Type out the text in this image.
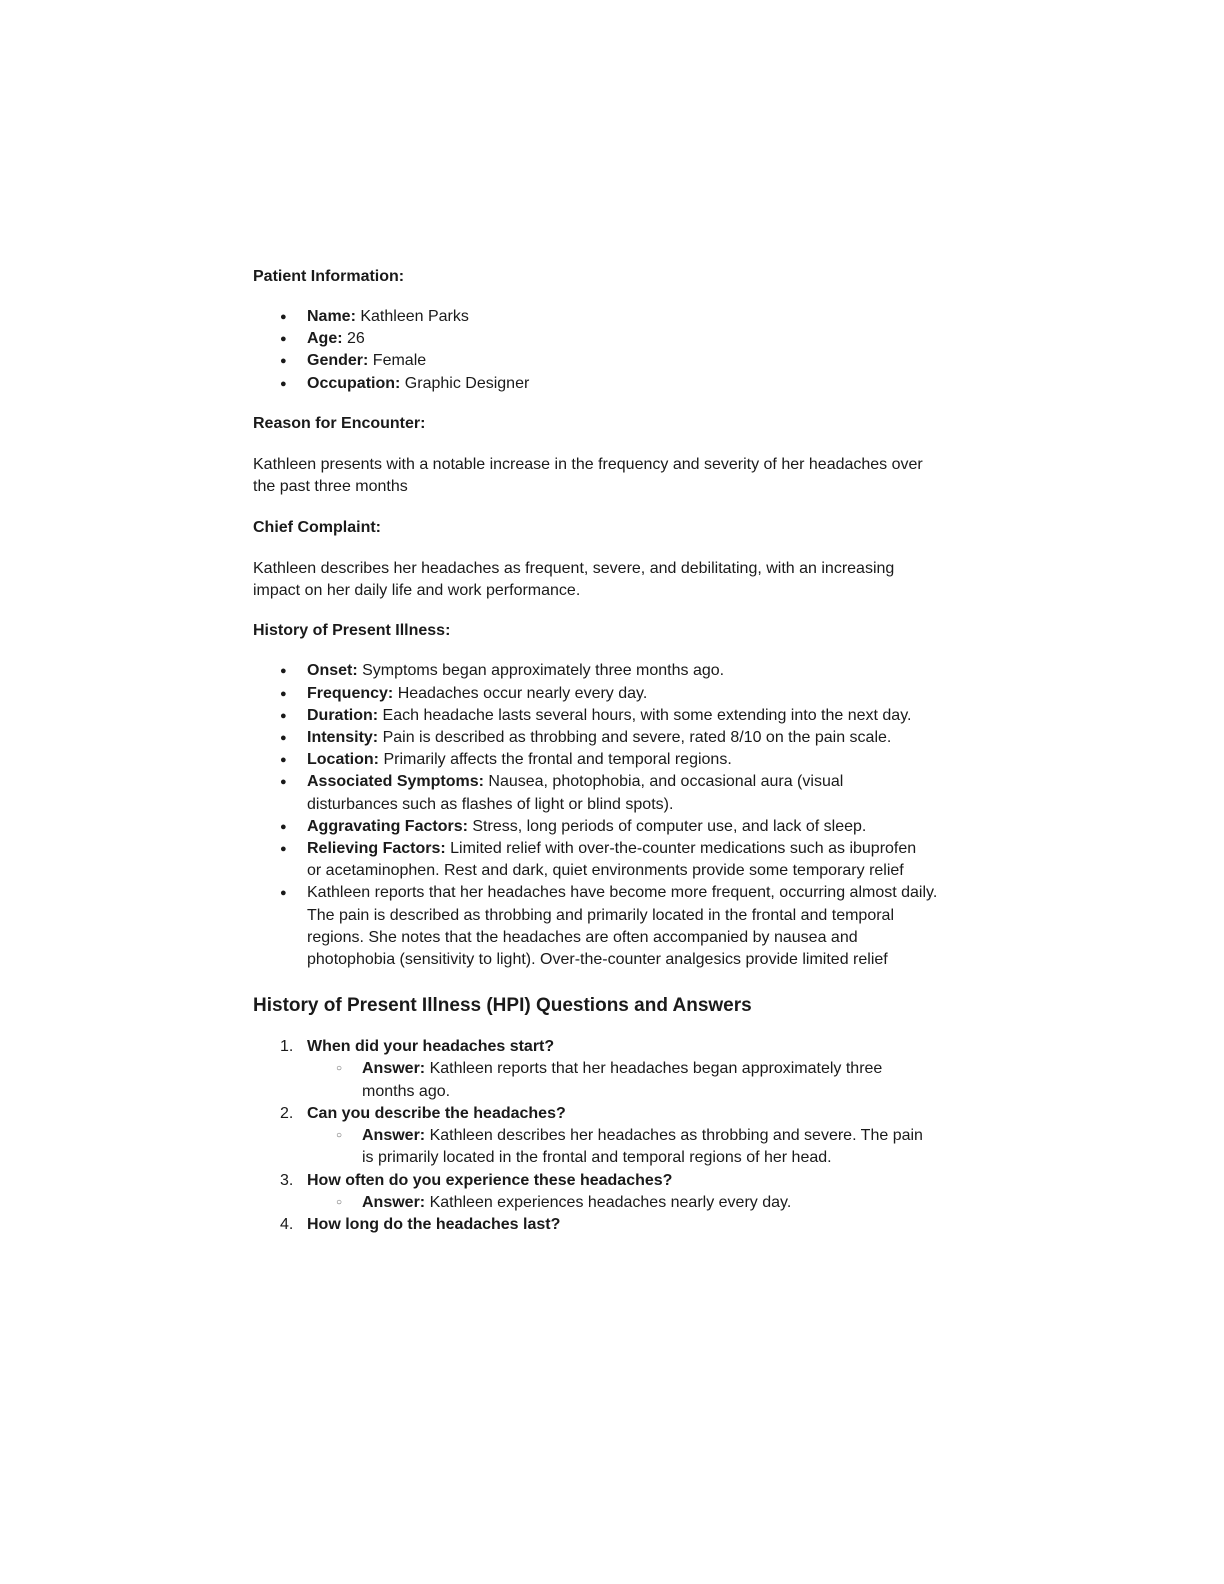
Patient Information:

● Name: Kathleen Parks
● Age: 26
● Gender: Female
● Occupation: Graphic Designer

Reason for Encounter:

Kathleen presents with a notable increase in the frequency and severity of her headaches over the past three months

Chief Complaint:

Kathleen describes her headaches as frequent, severe, and debilitating, with an increasing impact on her daily life and work performance.

History of Present Illness:

● Onset: Symptoms began approximately three months ago.
● Frequency: Headaches occur nearly every day.
● Duration: Each headache lasts several hours, with some extending into the next day.
● Intensity: Pain is described as throbbing and severe, rated 8/10 on the pain scale.
● Location: Primarily affects the frontal and temporal regions.
● Associated Symptoms: Nausea, photophobia, and occasional aura (visual disturbances such as flashes of light or blind spots).
● Aggravating Factors: Stress, long periods of computer use, and lack of sleep.
● Relieving Factors: Limited relief with over-the-counter medications such as ibuprofen or acetaminophen. Rest and dark, quiet environments provide some temporary relief
● Kathleen reports that her headaches have become more frequent, occurring almost daily. The pain is described as throbbing and primarily located in the frontal and temporal regions. She notes that the headaches are often accompanied by nausea and photophobia (sensitivity to light). Over-the-counter analgesics provide limited relief
History of Present Illness (HPI) Questions and Answers
1. When did your headaches start?
○ Answer: Kathleen reports that her headaches began approximately three months ago.
2. Can you describe the headaches?
○ Answer: Kathleen describes her headaches as throbbing and severe. The pain is primarily located in the frontal and temporal regions of her head.
3. How often do you experience these headaches?
○ Answer: Kathleen experiences headaches nearly every day.
4. How long do the headaches last?
